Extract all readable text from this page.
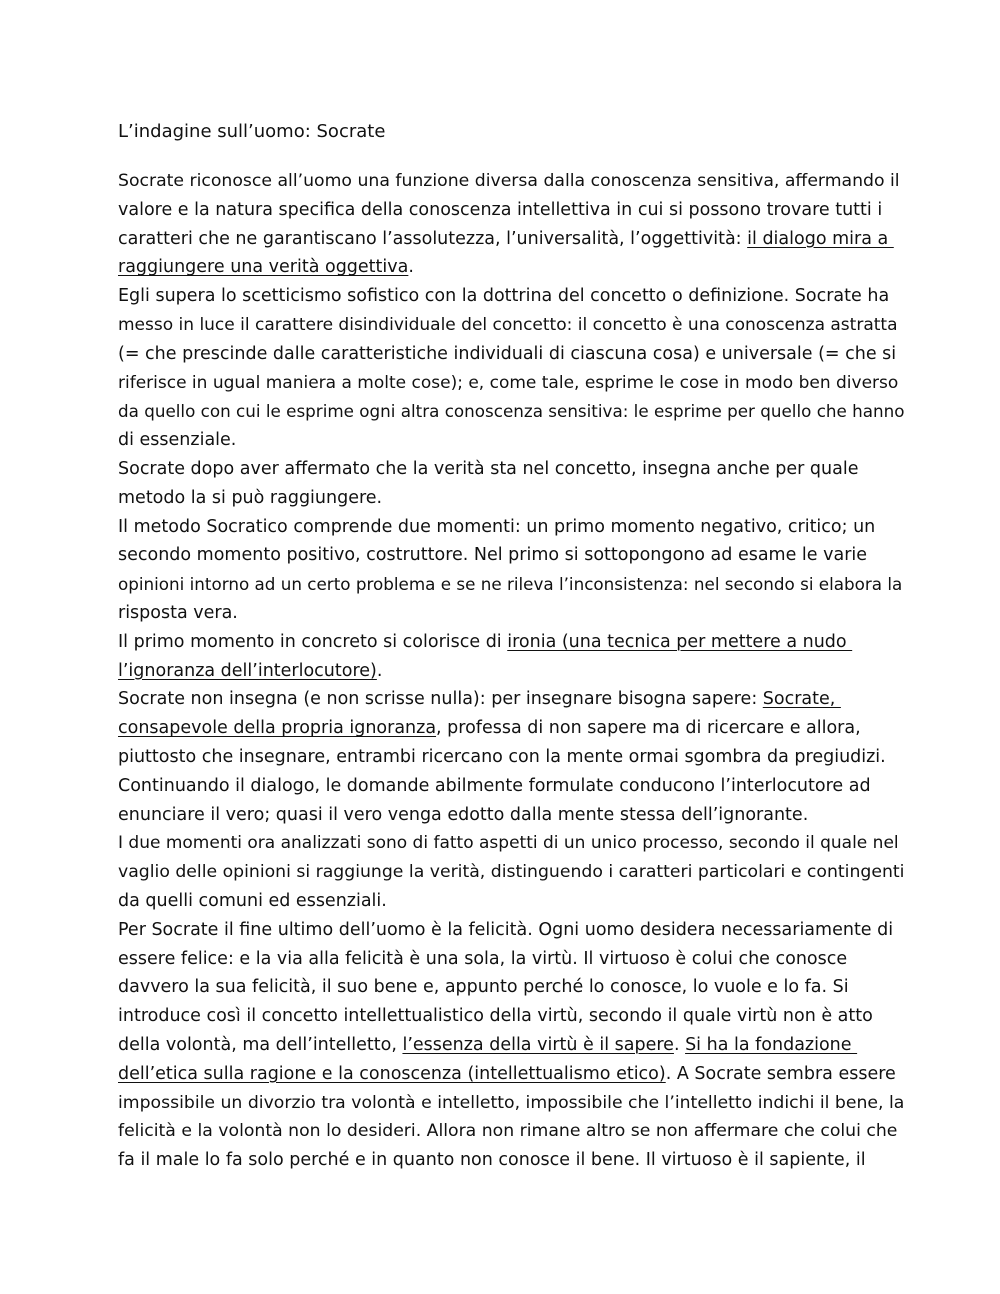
L’indagine sull’uomo: Socrate
Socrate riconosce all’uomo una funzione diversa dalla conoscenza sensitiva, affermando il
valore e la natura specifica della conoscenza intellettiva in cui si possono trovare tutti i
caratteri che ne garantiscano l’assolutezza, l’universalità, l’oggettività: il dialogo mira a
raggiungere una verità oggettiva.
Egli supera lo scetticismo sofistico con la dottrina del concetto o definizione. Socrate ha
messo in luce il carattere disindividuale del concetto: il concetto è una conoscenza astratta
(= che prescinde dalle caratteristiche individuali di ciascuna cosa) e universale (= che si
riferisce in ugual maniera a molte cose); e, come tale, esprime le cose in modo ben diverso
da quello con cui le esprime ogni altra conoscenza sensitiva: le esprime per quello che hanno
di essenziale.
Socrate dopo aver affermato che la verità sta nel concetto, insegna anche per quale
metodo la si può raggiungere.
Il metodo Socratico comprende due momenti: un primo momento negativo, critico; un
secondo momento positivo, costruttore. Nel primo si sottopongono ad esame le varie
opinioni intorno ad un certo problema e se ne rileva l’inconsistenza: nel secondo si elabora la
risposta vera.
Il primo momento in concreto si colorisce di ironia (una tecnica per mettere a nudo
l’ignoranza dell’interlocutore).
Socrate non insegna (e non scrisse nulla): per insegnare bisogna sapere: Socrate,
consapevole della propria ignoranza, professa di non sapere ma di ricercare e allora,
piuttosto che insegnare, entrambi ricercano con la mente ormai sgombra da pregiudizi.
Continuando il dialogo, le domande abilmente formulate conducono l’interlocutore ad
enunciare il vero; quasi il vero venga edotto dalla mente stessa dell’ignorante.
I due momenti ora analizzati sono di fatto aspetti di un unico processo, secondo il quale nel
vaglio delle opinioni si raggiunge la verità, distinguendo i caratteri particolari e contingenti
da quelli comuni ed essenziali.
Per Socrate il fine ultimo dell’uomo è la felicità. Ogni uomo desidera necessariamente di
essere felice: e la via alla felicità è una sola, la virtù. Il virtuoso è colui che conosce
davvero la sua felicità, il suo bene e, appunto perché lo conosce, lo vuole e lo fa. Si
introduce così il concetto intellettualistico della virtù, secondo il quale virtù non è atto
della volontà, ma dell’intelletto, l’essenza della virtù è il sapere. Si ha la fondazione
dell’etica sulla ragione e la conoscenza (intellettualismo etico). A Socrate sembra essere
impossibile un divorzio tra volontà e intelletto, impossibile che l’intelletto indichi il bene, la
felicità e la volontà non lo desideri. Allora non rimane altro se non affermare che colui che
fa il male lo fa solo perché e in quanto non conosce il bene. Il virtuoso è il sapiente, il
